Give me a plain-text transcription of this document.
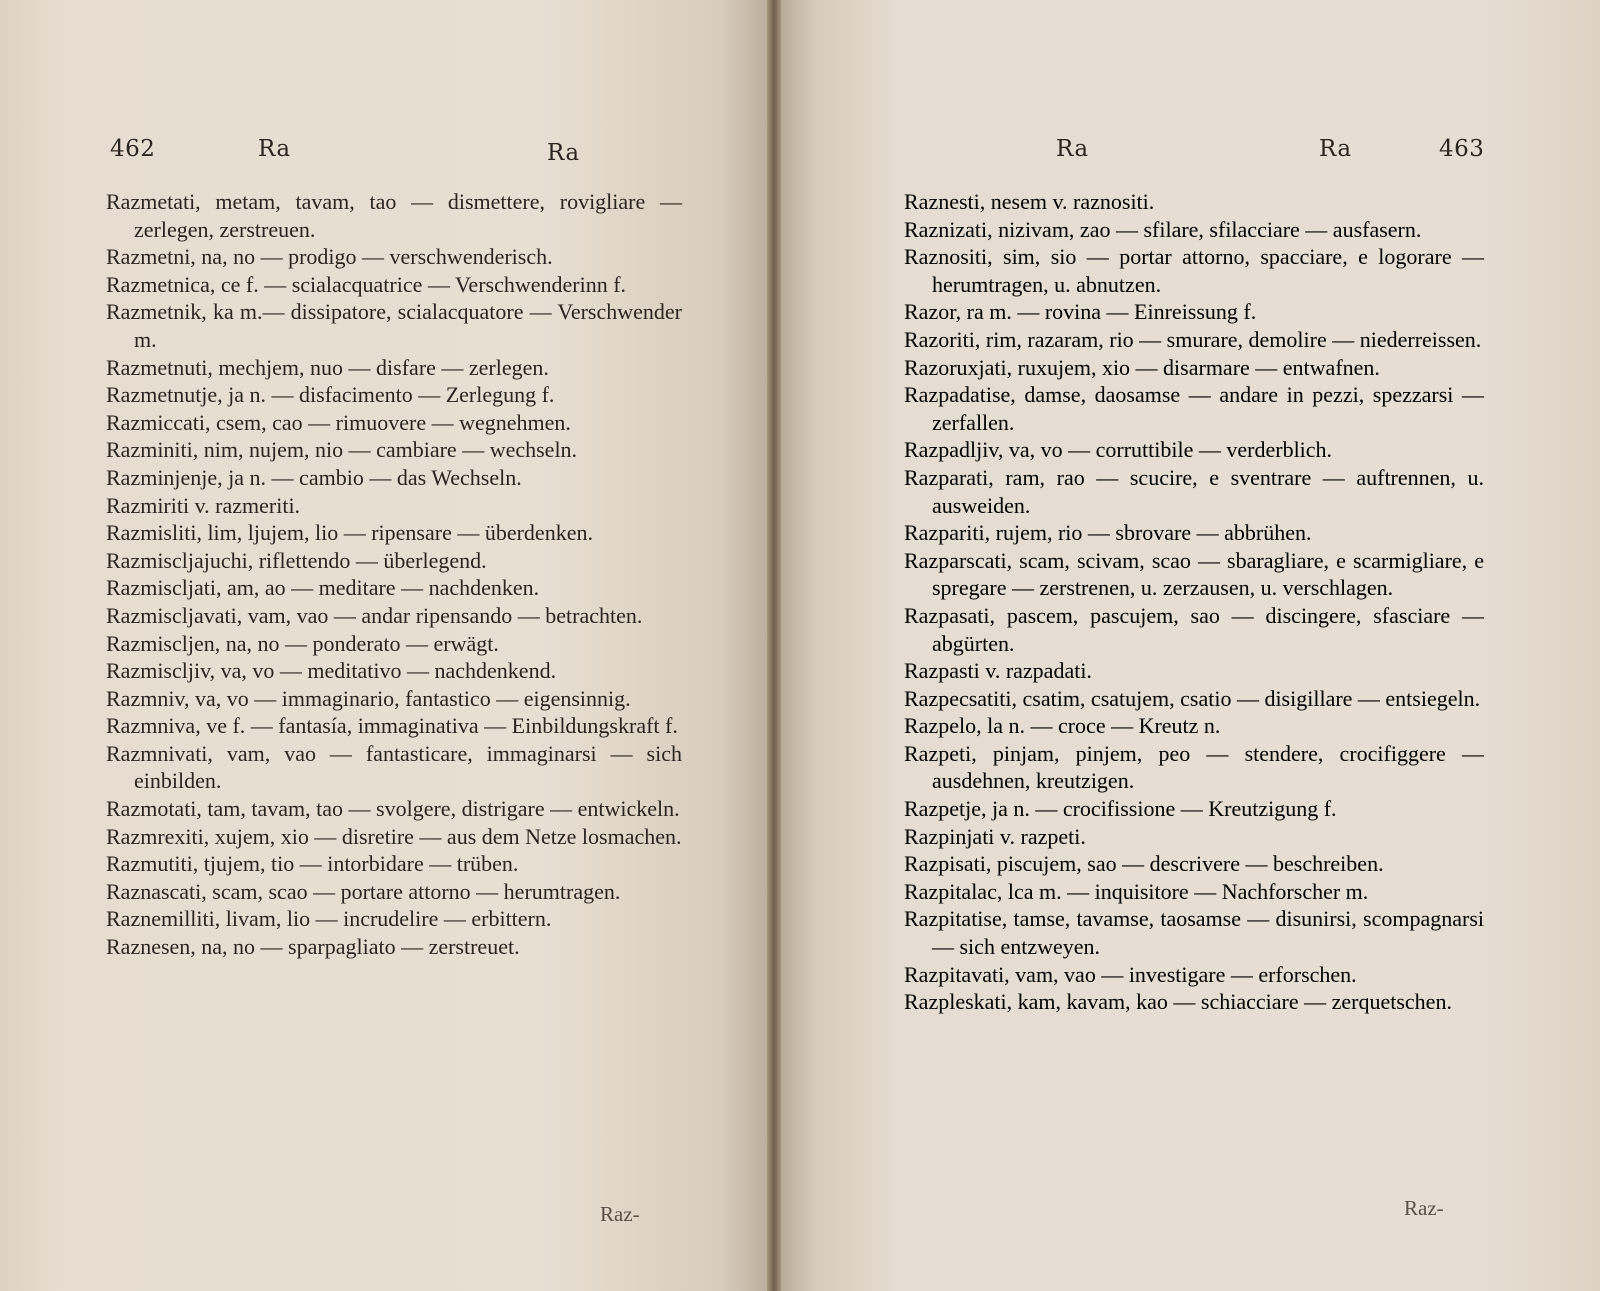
462	Ra	Ra

Razmetati, metam, tavam, tao — dismettere, rovigliare — zerlegen, zerstreuen.

Razmetni, na, no — prodigo — verschwenderisch.

Razmetnica, ce f. — scialacquatrice — Verschwenderinn f.

Razmetnik, ka m.— dissipatore, scialacquatore — Verschwender m.

Razmetnuti, mechjem, nuo — disfare — zerlegen.

Razmetnutje, ja n. — disfacimento — Zerlegung f.

Razmiccati, csem, cao — rimuovere — wegnehmen.

Razminiti, nim, nujem, nio — cambiare — wechseln.

Razminjenje, ja n. — cambio — das Wechseln.

Razmiriti v. razmeriti.

Razmisliti, lim, ljujem, lio — ripensare — überdenken.

Razmiscljajuchi, riflettendo — überlegend.

Razmiscljati, am, ao — meditare — nachdenken.

Razmiscljavati, vam, vao — andar ripensando — betrachten.

Razmiscljen, na, no — ponderato — erwägt.

Razmiscljiv, va, vo — meditativo — nachdenkend.

Razmniv, va, vo — immaginario, fantastico — eigensinnig.

Razmniva, ve f. — fantasía, immaginativa — Einbildungskraft f.

Razmnivati, vam, vao — fantasticare, immaginarsi — sich einbilden.

Razmotati, tam, tavam, tao — svolgere, distrigare — entwickeln.

Razmrexiti, xujem, xio — disretire — aus dem Netze losmachen.

Razmutiti, tjujem, tio — intorbidare — trüben.

Raznascati, scam, scao — portare attorno — herumtragen.

Raznemilliti, livam, lio — incrudelire — erbittern.

Raznesen, na, no — sparpagliato — zerstreuet.

Raz-
Ra	Ra	463
Raz-

Raznesti, nesem v. raznositi.

Raznizati, nizivam, zao — sfilare, sfilacciare — ausfasern.

Raznositi, sim, sio — portar attorno, spacciare, e logorare — herumtragen, u. abnutzen.

Razor, ra m. — rovina — Einreissung f.

Razoriti, rim, razaram, rio — smurare, demolire — niederreissen.

Razoruxjati, ruxujem, xio — disarmare — entwafnen.

Razpadatise, damse, daosamse — andare in pezzi, spezzarsi — zerfallen.

Razpadljiv, va, vo — corruttibile — verderblich.

Razparati, ram, rao — scucire, e sventrare — auftrennen, u. ausweiden.

Razpariti, rujem, rio — sbrovare — abbrühen.

Razparscati, scam, scivam, scao — sbaragliare, e scarmigliare, e spregare — zerstrenen, u. zerzausen, u. verschlagen.

Razpasati, pascem, pascujem, sao — discingere, sfasciare — abgürten.

Razpasti v. razpadati.

Razpecsatiti, csatim, csatujem, csatio — disigillare — entsiegeln.

Razpelo, la n. — croce — Kreutz n.

Razpeti, pinjam, pinjem, peo — stendere, crocifiggere — ausdehnen, kreutzigen.

Razpetje, ja n. — crocifissione — Kreutzigung f.

Razpinjati v. razpeti.

Razpisati, piscujem, sao — descrivere — beschreiben.

Razpitalac, lca m. — inquisitore — Nachforscher m.

Razpitatise, tamse, tavamse, taosamse — disunirsi, scompagnarsi — sich entzweyen.

Razpitavati, vam, vao — investigare — erforschen.

Razpleskati, kam, kavam, kao — schiacciare — zerquetschen.
